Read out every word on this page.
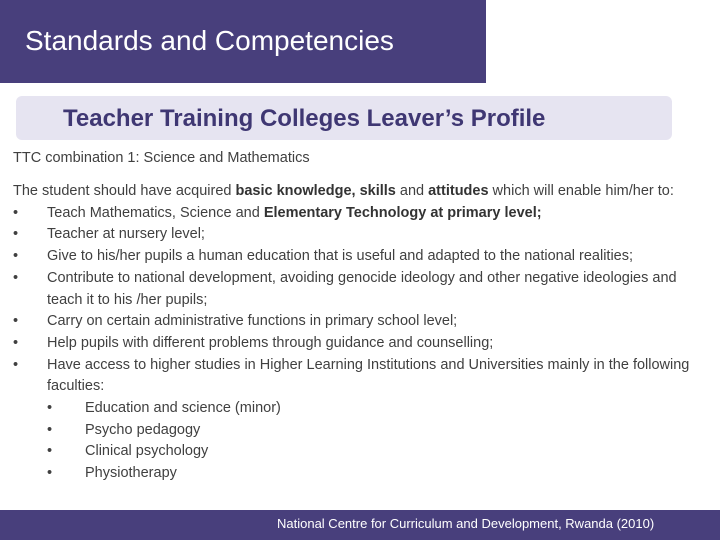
Standards and Competencies
Teacher Training Colleges Leaver’s Profile
TTC combination 1: Science and Mathematics

The student should have acquired basic knowledge, skills and attitudes which will enable him/her to:

•	Teach Mathematics, Science and Elementary Technology at primary level;
•	Teacher at nursery level;
•	Give to his/her pupils a human education that is useful and adapted to the national realities;
•	Contribute to national development, avoiding genocide ideology and other negative ideologies and teach it to his /her pupils;
•	Carry on certain administrative functions in primary school level;
•	Help pupils with different problems through guidance and counselling;
•	Have access to higher studies in Higher Learning Institutions and Universities mainly in the following faculties:
•	Education and science (minor)
•	Psycho pedagogy
•	Clinical psychology
•	Physiotherapy
National Centre for Curriculum and Development, Rwanda (2010)
